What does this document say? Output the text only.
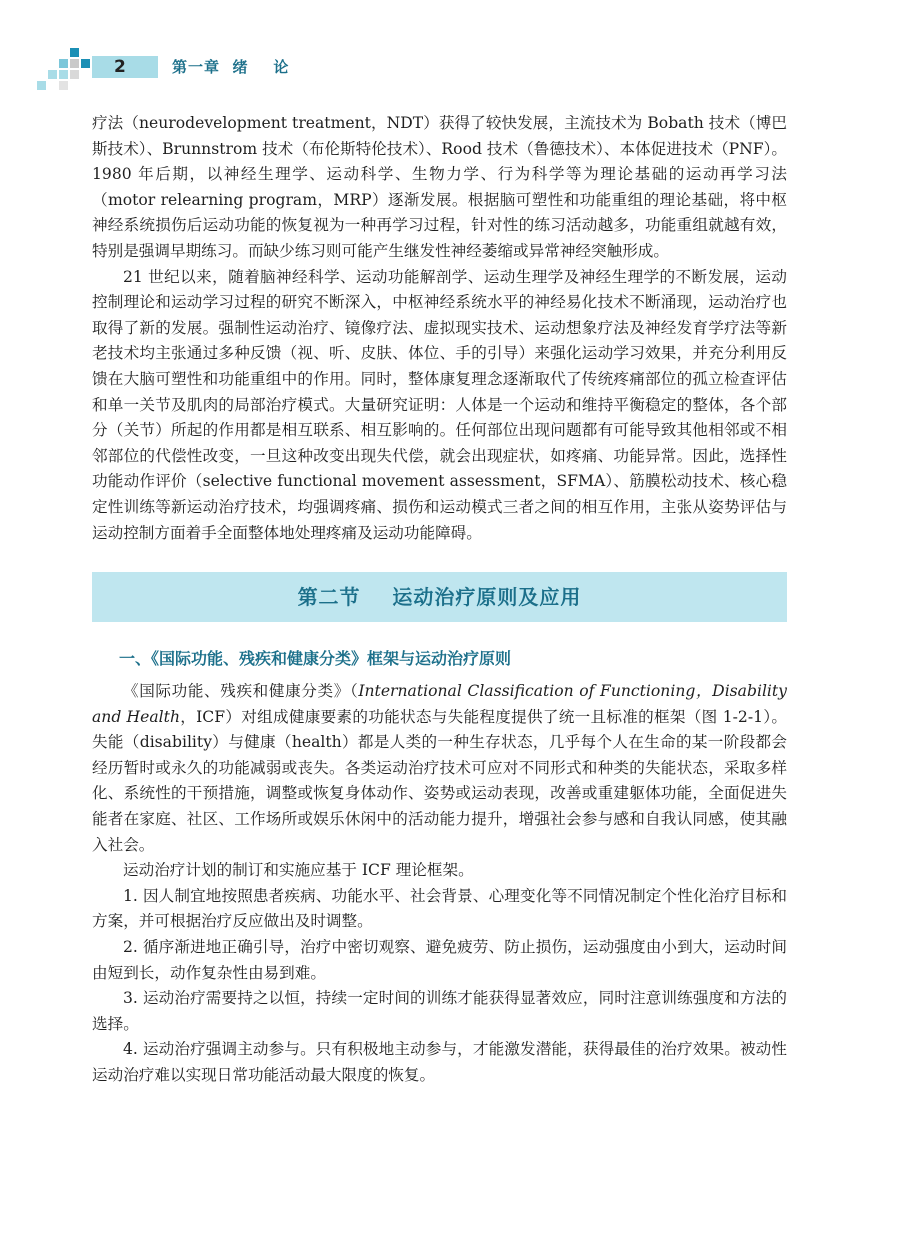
2	第一章  绪    论

疗法（neurodevelopment treatment，NDT）获得了较快发展，主流技术为 Bobath 技术（博巴斯技术）、Brunnstrom 技术（布伦斯特伦技术）、Rood 技术（鲁德技术）、本体促进技术（PNF）。1980 年后期，以神经生理学、运动科学、生物力学、行为科学等为理论基础的运动再学习法（motor relearning program，MRP）逐渐发展。根据脑可塑性和功能重组的理论基础，将中枢神经系统损伤后运动功能的恢复视为一种再学习过程，针对性的练习活动越多，功能重组就越有效，特别是强调早期练习。而缺少练习则可能产生继发性神经萎缩或异常神经突触形成。

21 世纪以来，随着脑神经科学、运动功能解剖学、运动生理学及神经生理学的不断发展，运动控制理论和运动学习过程的研究不断深入，中枢神经系统水平的神经易化技术不断涌现，运动治疗也取得了新的发展。强制性运动治疗、镜像疗法、虚拟现实技术、运动想象疗法及神经发育学疗法等新老技术均主张通过多种反馈（视、听、皮肤、体位、手的引导）来强化运动学习效果，并充分利用反馈在大脑可塑性和功能重组中的作用。同时，整体康复理念逐渐取代了传统疼痛部位的孤立检查评估和单一关节及肌肉的局部治疗模式。大量研究证明：人体是一个运动和维持平衡稳定的整体，各个部分（关节）所起的作用都是相互联系、相互影响的。任何部位出现问题都有可能导致其他相邻或不相邻部位的代偿性改变，一旦这种改变出现失代偿，就会出现症状，如疼痛、功能异常。因此，选择性功能动作评价（selective functional movement assessment，SFMA）、筋膜松动技术、核心稳定性训练等新运动治疗技术，均强调疼痛、损伤和运动模式三者之间的相互作用，主张从姿势评估与运动控制方面着手全面整体地处理疼痛及运动功能障碍。

第二节    运动治疗原则及应用
一、《国际功能、残疾和健康分类》框架与运动治疗原则

《国际功能、残疾和健康分类》（International Classification of Functioning，Disability and Health，ICF）对组成健康要素的功能状态与失能程度提供了统一且标准的框架（图 1-2-1）。失能（disability）与健康（health）都是人类的一种生存状态，几乎每个人在生命的某一阶段都会经历暂时或永久的功能减弱或丧失。各类运动治疗技术可应对不同形式和种类的失能状态，采取多样化、系统性的干预措施，调整或恢复身体动作、姿势或运动表现，改善或重建躯体功能，全面促进失能者在家庭、社区、工作场所或娱乐休闲中的活动能力提升，增强社会参与感和自我认同感，使其融入社会。

运动治疗计划的制订和实施应基于 ICF 理论框架。

1. 因人制宜地按照患者疾病、功能水平、社会背景、心理变化等不同情况制定个性化治疗目标和方案，并可根据治疗反应做出及时调整。

2. 循序渐进地正确引导，治疗中密切观察、避免疲劳、防止损伤，运动强度由小到大，运动时间由短到长，动作复杂性由易到难。

3. 运动治疗需要持之以恒，持续一定时间的训练才能获得显著效应，同时注意训练强度和方法的选择。

4. 运动治疗强调主动参与。只有积极地主动参与，才能激发潜能，获得最佳的治疗效果。被动性运动治疗难以实现日常功能活动最大限度的恢复。
